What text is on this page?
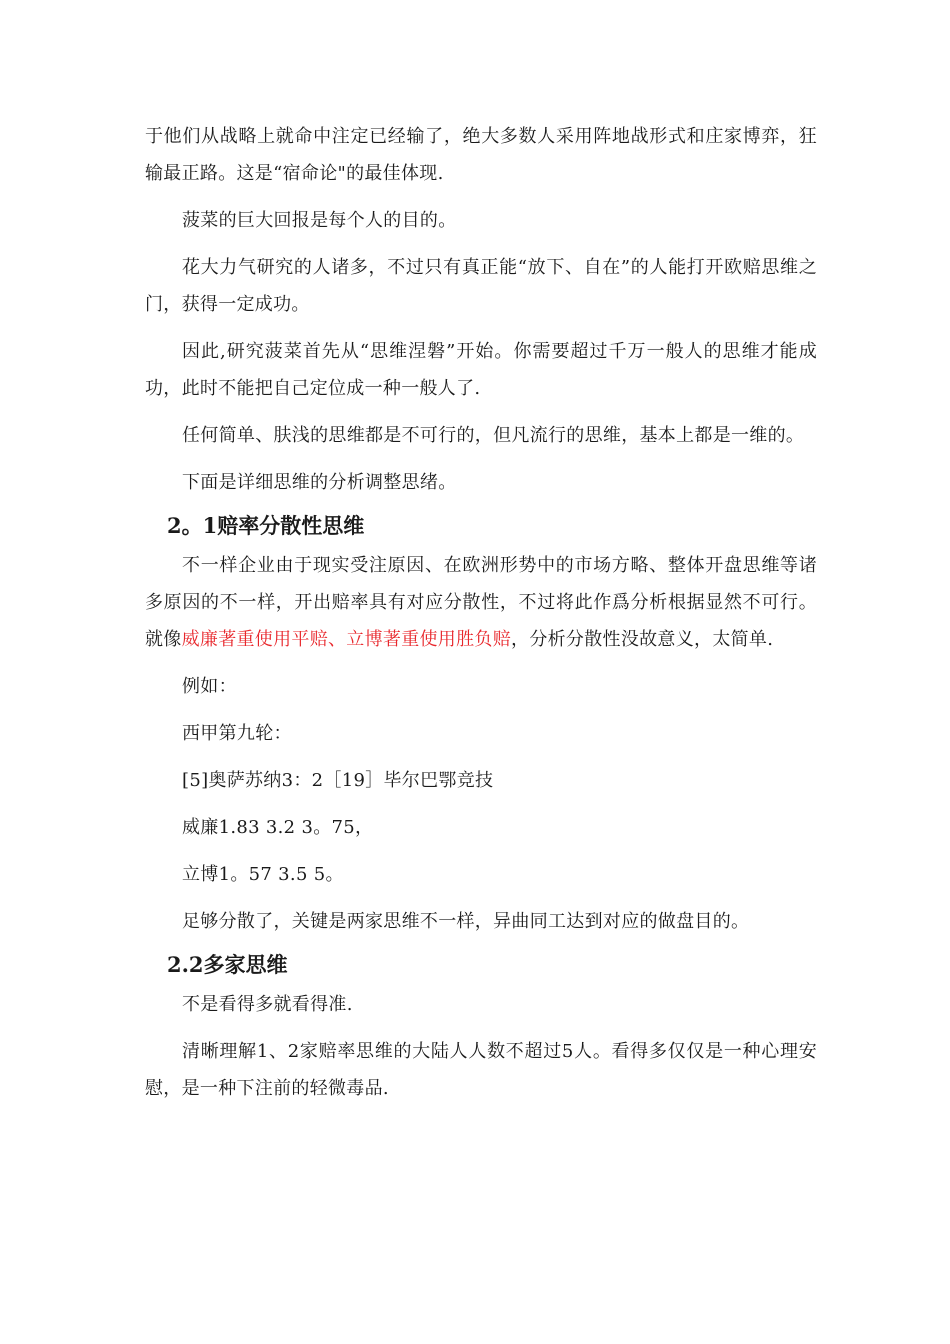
于他们从战略上就命中注定已经输了，绝大多数人采用阵地战形式和庄家博弈，狂输最正路。这是“宿命论"的最佳体现.

菠菜的巨大回报是每个人的目的。

花大力气研究的人诸多，不过只有真正能“放下、自在”的人能打开欧赔思维之门，获得一定成功。

因此,研究菠菜首先从“思维涅磐”开始。你需要超过千万一般人的思维才能成功，此时不能把自己定位成一种一般人了.

任何简单、肤浅的思维都是不可行的，但凡流行的思维，基本上都是一维的。

下面是详细思维的分析调整思绪。

2。1赔率分散性思维

不一样企业由于现实受注原因、在欧洲形势中的市场方略、整体开盘思维等诸多原因的不一样，开出赔率具有对应分散性，不过将此作爲分析根据显然不可行。就像威廉著重使用平赔、立博著重使用胜负赔，分析分散性没故意义，太简单.

例如：

西甲第九轮：

[5]奥萨苏纳3：2［19］毕尔巴鄂竞技

威廉1.83 3.2 3。75，

立博1。57 3.5 5。

足够分散了，关键是两家思维不一样，异曲同工达到对应的做盘目的。

2.2多家思维

不是看得多就看得准.

清晰理解1、2家赔率思维的大陆人人数不超过5人。看得多仅仅是一种心理安慰，是一种下注前的轻微毒品.
